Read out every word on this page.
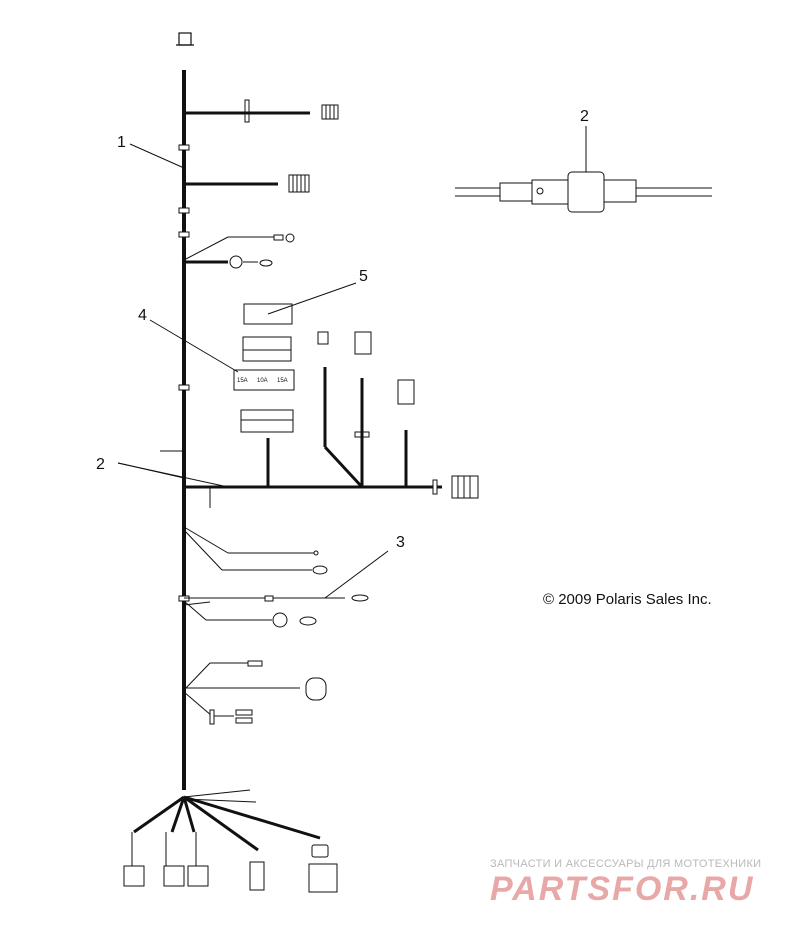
15A 10A 15A
1
2
2
3
4
5
© 2009 Polaris Sales Inc.
ЗАПЧАСТИ И АКСЕССУАРЫ ДЛЯ МОТОТЕХНИКИ
PARTSFOR.RU
